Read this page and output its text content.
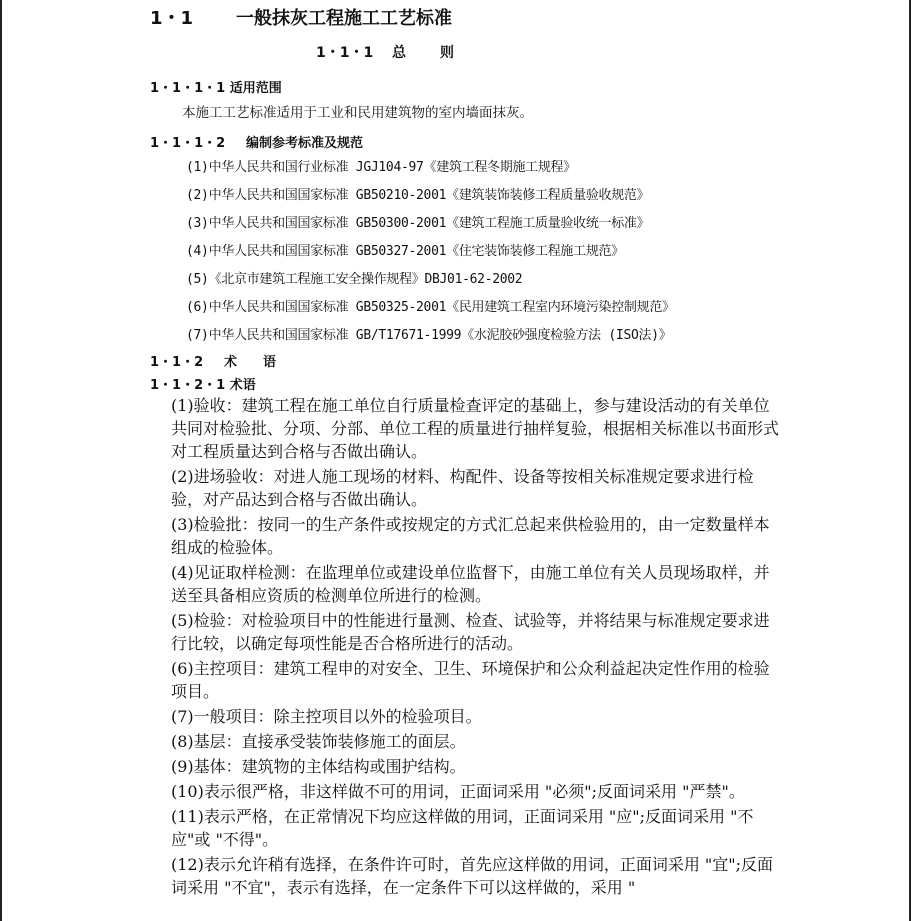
1・1 一般抹灰工程施工工艺标准
1・1・1 总则
1・1・1・1 适用范围
本施工工艺标准适用于工业和民用建筑物的室内墙面抹灰。
1・1・1・2 编制参考标准及规范
(1)中华人民共和国行业标准 JGJ104-97《建筑工程冬期施工规程》
(2)中华人民共和国国家标准 GB50210-2001《建筑装饰装修工程质量验收规范》
(3)中华人民共和国国家标准 GB50300-2001《建筑工程施工质量验收统一标准》
(4)中华人民共和国国家标准 GB50327-2001《住宅装饰装修工程施工规范》
(5)《北京市建筑工程施工安全操作规程》DBJ01-62-2002
(6)中华人民共和国国家标准 GB50325-2001《民用建筑工程室内环境污染控制规范》
(7)中华人民共和国国家标准 GB/T17671-1999《水泥胶砂强度检验方法 (ISO法)》
1・1・2 术语
1・1・2・1 术语
(1)验收：建筑工程在施工单位自行质量检查评定的基础上，参与建设活动的有关单位共同对检验批、分项、分部、单位工程的质量进行抽样复验，根据相关标准以书面形式对工程质量达到合格与否做出确认。
(2)进场验收：对进人施工现场的材料、构配件、设备等按相关标准规定要求进行检验，对产品达到合格与否做出确认。
(3)检验批：按同一的生产条件或按规定的方式汇总起来供检验用的，由一定数量样本组成的检验体。
(4)见证取样检测：在监理单位或建设单位监督下，由施工单位有关人员现场取样，并送至具备相应资质的检测单位所进行的检测。
(5)检验：对检验项目中的性能进行量测、检查、试验等，并将结果与标准规定要求进行比较，以确定每项性能是否合格所进行的活动。
(6)主控项目：建筑工程申的对安全、卫生、环境保护和公众利益起决定性作用的检验项目。
(7)一般项目：除主控项目以外的检验项目。
(8)基层：直接承受装饰装修施工的面层。
(9)基体：建筑物的主体结构或围护结构。
(10)表示很严格，非这样做不可的用词，正面词采用 "必须";反面词采用 "严禁"。
(11)表示严格，在正常情况下均应这样做的用词，正面词采用 "应";反面词采用 "不应"或 "不得"。
(12)表示允许稍有选择，在条件许可时，首先应这样做的用词，正面词采用 "宜";反面词采用 "不宜"，表示有选择，在一定条件下可以这样做的，采用 "
